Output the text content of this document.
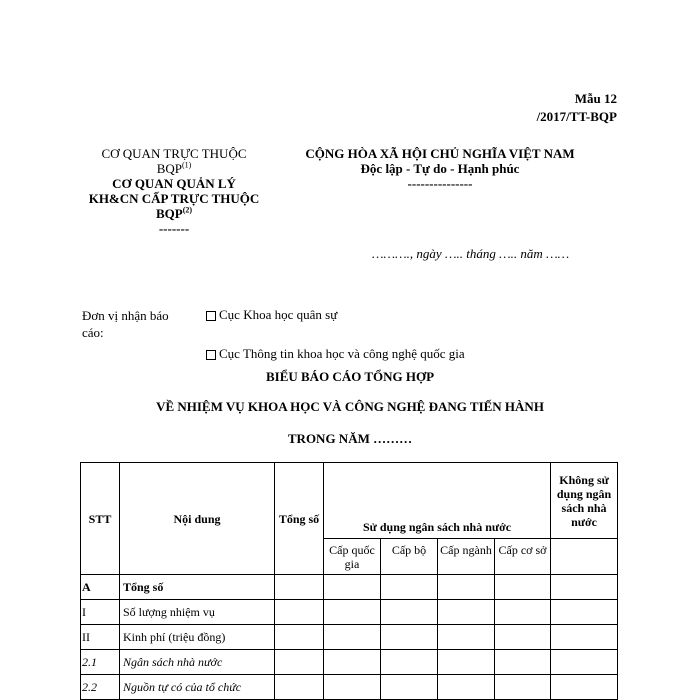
Mẫu 12
/2017/TT-BQP
CƠ QUAN TRỰC THUỘC BQP$^{(1)}$
CƠ QUAN QUẢN LÝ KH&CN CẤP TRỰC THUỘC BQP$^{(2)}$
-------
CỘNG HÒA XÃ HỘI CHỦ NGHĨA VIỆT NAM
Độc lập - Tự do - Hạnh phúc
---------------
………., ngày ….. tháng ….. năm ……
Đơn vị nhận báo cáo:
Cục Khoa học quân sự
Cục Thông tin khoa học và công nghệ quốc gia
BIỂU BÁO CÁO TỔNG HỢP
VỀ NHIỆM VỤ KHOA HỌC VÀ CÔNG NGHỆ ĐANG TIẾN HÀNH
TRONG NĂM ………
STT	Nội dung	Tổng số	Sử dụng ngân sách nhà nước				Không sử dụng ngân sách nhà nước
			Cấp quốc gia	Cấp bộ	Cấp ngành	Cấp cơ sở	
A	Tổng số						
I	Số lượng nhiệm vụ						
II	Kinh phí (triệu đồng)						
2.1	Ngân sách nhà nước						
2.2	Nguồn tự có của tổ chức						
